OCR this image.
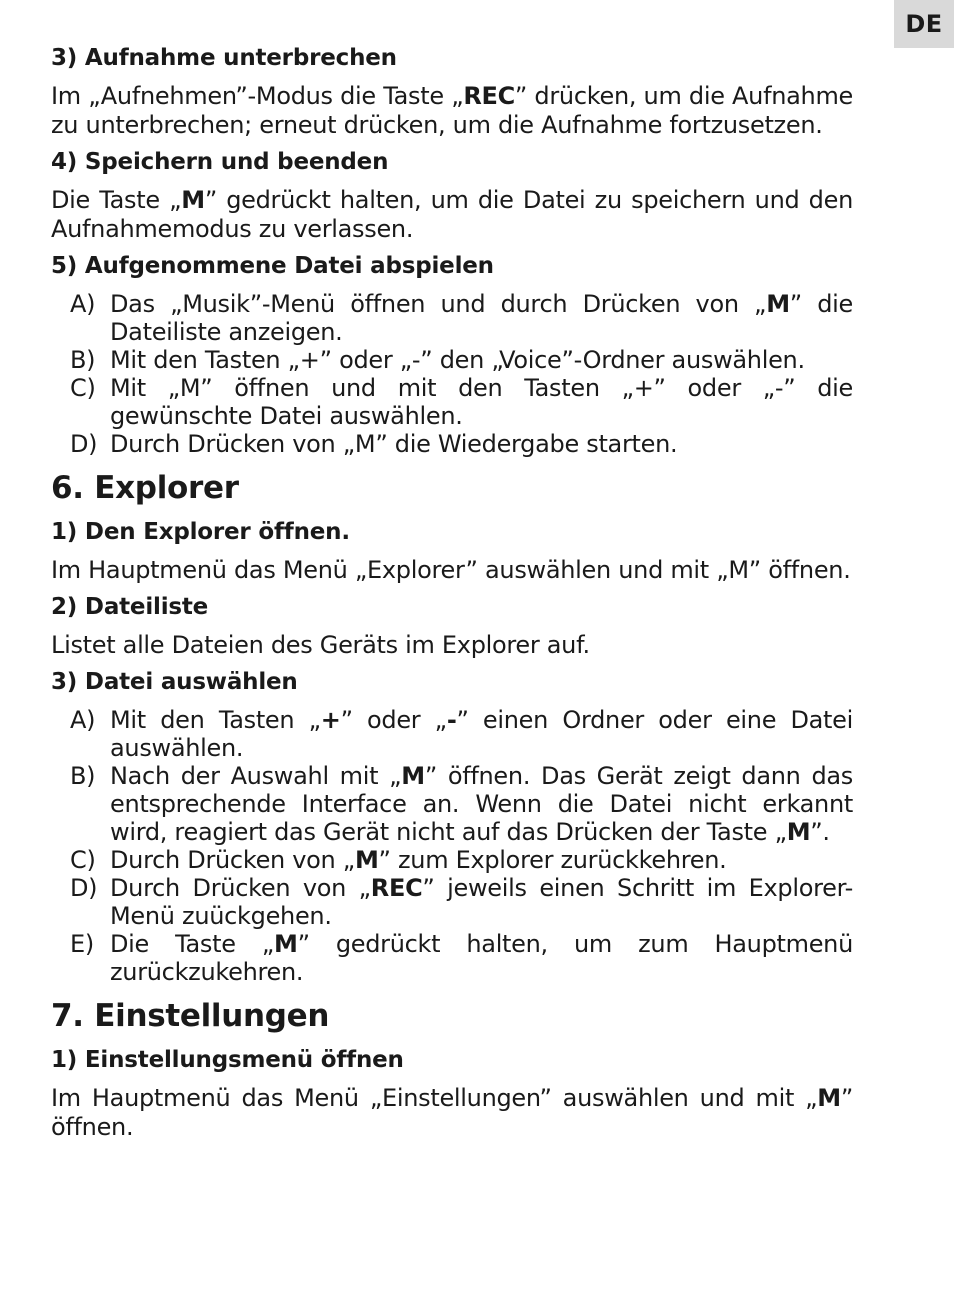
DE
3) Aufnahme unterbrechen

Im „Aufnehmen”-Modus die Taste „REC” drücken, um die Aufnahme zu unterbrechen; erneut drücken, um die Aufnahme fortzusetzen.

4) Speichern und beenden

Die Taste „M” gedrückt halten, um die Datei zu speichern und den Aufnahmemodus zu verlassen.

5) Aufgenommene Datei abspielen
A) Das „Musik”-Menü öffnen und durch Drücken von „M” die Dateiliste anzeigen.
B) Mit den Tasten „+” oder „-” den „Voice”-Ordner auswählen.
C) Mit „M” öffnen und mit den Tasten „+” oder „-” die gewünschte Datei auswählen.
D) Durch Drücken von „M” die Wiedergabe starten.
6. Explorer
1) Den Explorer öffnen.

Im Hauptmenü das Menü „Explorer” auswählen und mit „M” öffnen.

2) Dateiliste

Listet alle Dateien des Geräts im Explorer auf.

3) Datei auswählen
A) Mit den Tasten „+” oder „-” einen Ordner oder eine Datei auswählen.
B) Nach der Auswahl mit „M” öffnen. Das Gerät zeigt dann das entsprechende Interface an. Wenn die Datei nicht erkannt wird, reagiert das Gerät nicht auf das Drücken der Taste „M”.
C) Durch Drücken von „M” zum Explorer zurückkehren.
D) Durch Drücken von „REC” jeweils einen Schritt im Explorer-Menü zuückgehen.
E) Die Taste „M” gedrückt halten, um zum Hauptmenü zurückzukehren.
7. Einstellungen
1) Einstellungsmenü öffnen

Im Hauptmenü das Menü „Einstellungen” auswählen und mit „M” öffnen.
